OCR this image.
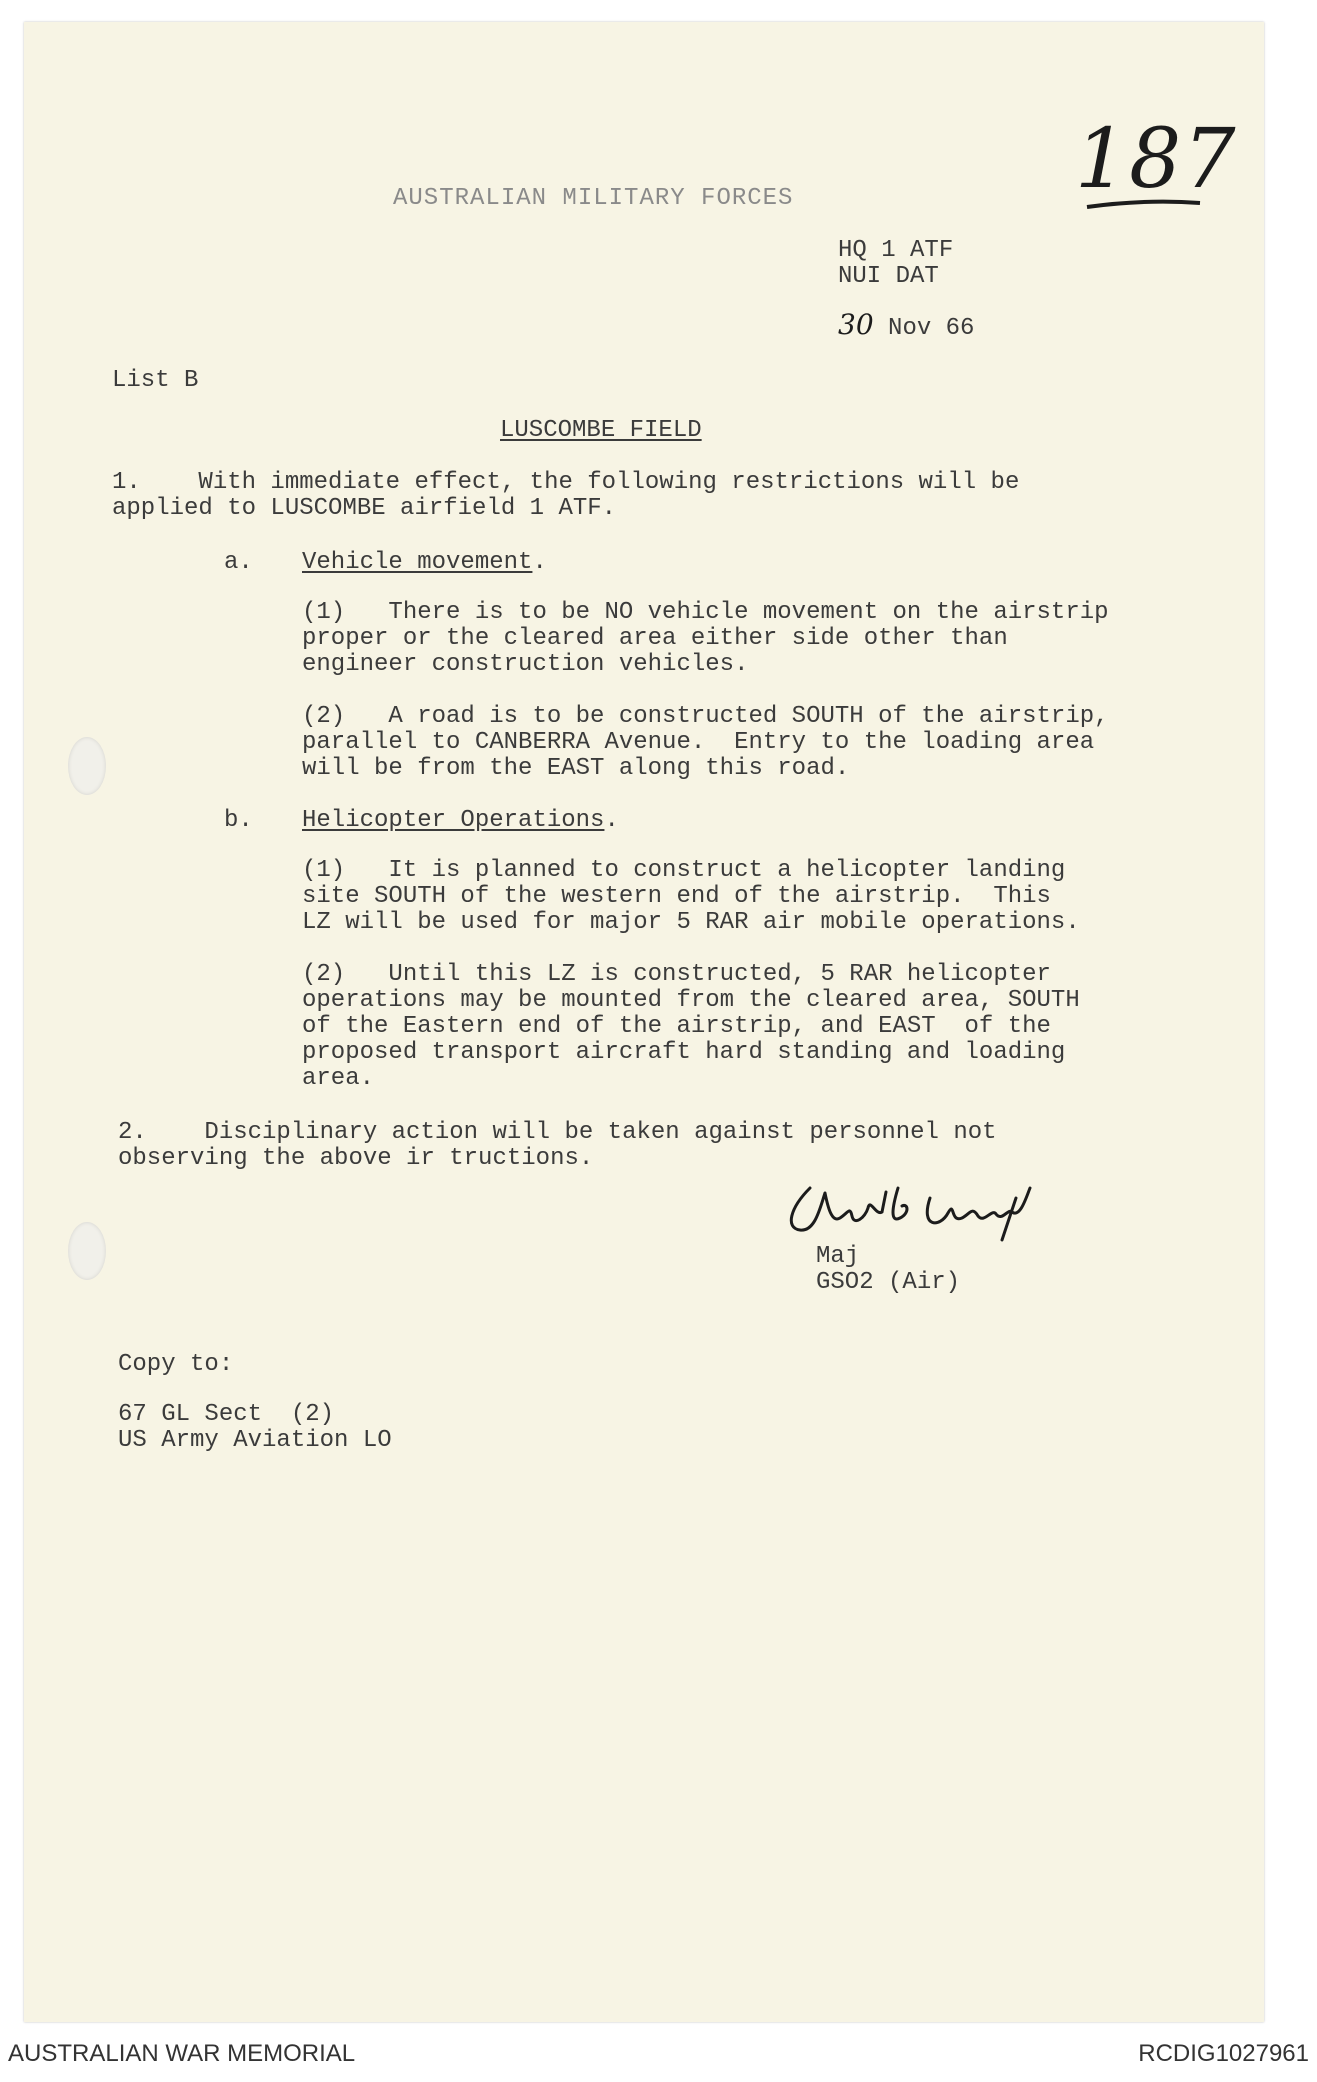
187
AUSTRALIAN MILITARY FORCES
HQ 1 ATF
NUI DAT
30 Nov 66
List B
LUSCOMBE FIELD
1.    With immediate effect, the following restrictions will be
applied to LUSCOMBE airfield 1 ATF.
a. Vehicle movement.
(1)   There is to be NO vehicle movement on the airstrip
proper or the cleared area either side other than
engineer construction vehicles.
(2)   A road is to be constructed SOUTH of the airstrip,
parallel to CANBERRA Avenue.  Entry to the loading area
will be from the EAST along this road.
b. Helicopter Operations.
(1)   It is planned to construct a helicopter landing
site SOUTH of the western end of the airstrip.  This
LZ will be used for major 5 RAR air mobile operations.
(2)   Until this LZ is constructed, 5 RAR helicopter
operations may be mounted from the cleared area, SOUTH
of the Eastern end of the airstrip, and EAST  of the
proposed transport aircraft hard standing and loading
area.
2.    Disciplinary action will be taken against personnel not
observing the above ir tructions.
Maj
GSO2 (Air)
Copy to:
67 GL Sect  (2)
US Army Aviation LO
AUSTRALIAN WAR MEMORIAL	RCDIG1027961
